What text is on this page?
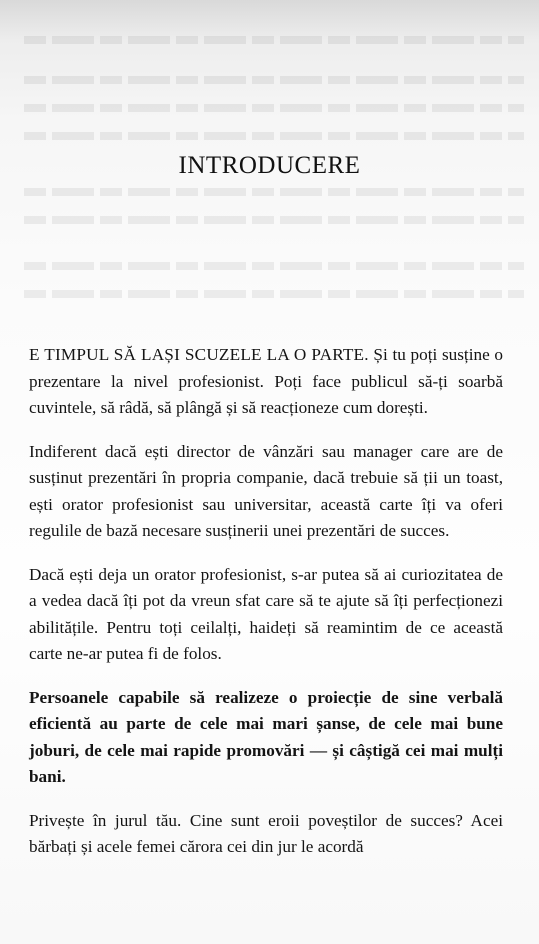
INTRODUCERE

E TIMPUL SĂ LAȘI SCUZELE LA O PARTE. Și tu poți susține o prezentare la nivel profesionist. Poți face publicul să-ți soarbă cuvintele, să râdă, să plângă și să reacționeze cum dorești.

Indiferent dacă ești director de vânzări sau manager care are de susținut prezentări în propria companie, dacă trebuie să ții un toast, ești orator profesionist sau universitar, această carte îți va oferi regulile de bază necesare susținerii unei prezentări de succes.

Dacă ești deja un orator profesionist, s-ar putea să ai curiozitatea de a vedea dacă îți pot da vreun sfat care să te ajute să îți perfecționezi abilitățile. Pentru toți ceilalți, haideți să reamintim de ce această carte ne-ar putea fi de folos.

Persoanele capabile să realizeze o proiecție de sine verbală eficientă au parte de cele mai mari șanse, de cele mai bune joburi, de cele mai rapide promovări — și câștigă cei mai mulți bani.

Privește în jurul tău. Cine sunt eroii poveștilor de succes? Acei bărbați și acele femei cărora cei din jur le acordă
